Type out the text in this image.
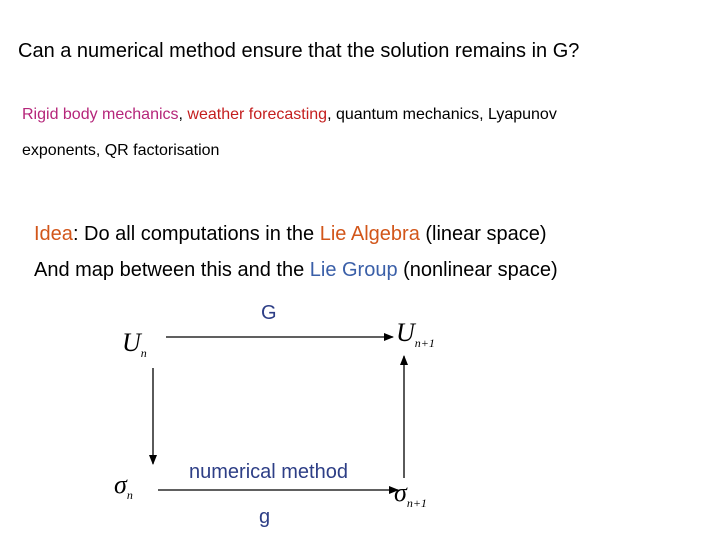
Can a numerical method ensure that the solution remains in G?
Rigid body mechanics, weather forecasting, quantum mechanics, Lyapunov
exponents, QR factorisation
Idea: Do all computations in the Lie Algebra (linear space)
And map between this and the Lie Group (nonlinear space)
G
$U_n$
$U_{n+1}$
$\sigma_n$	$\sigma_{n+1}$
numerical method
g
